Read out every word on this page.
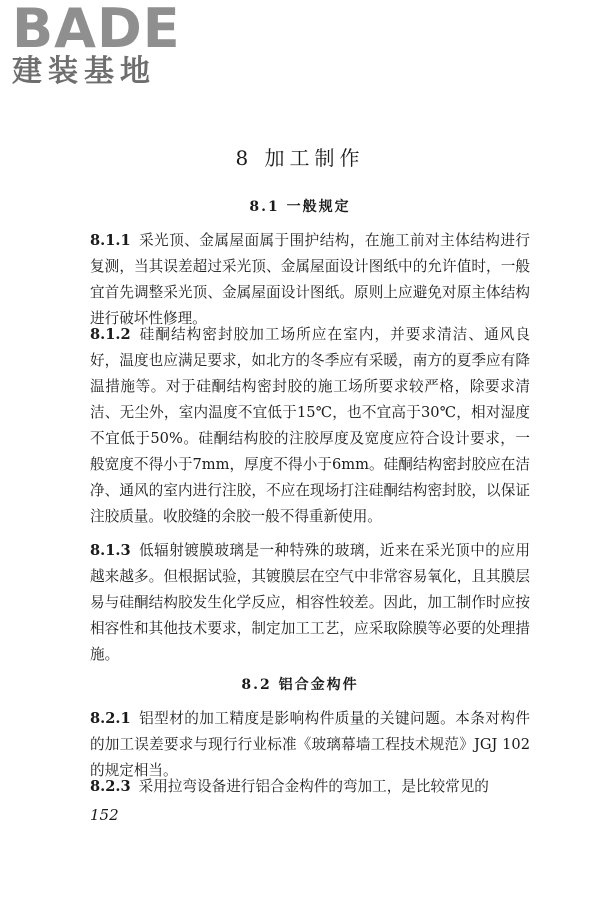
BADE
建装基地
8 加工制作
8.1 一般规定

8.1.1 采光顶、金属屋面属于围护结构，在施工前对主体结构进行复测，当其误差超过采光顶、金属屋面设计图纸中的允许值时，一般宜首先调整采光顶、金属屋面设计图纸。原则上应避免对原主体结构进行破坏性修理。

8.1.2 硅酮结构密封胶加工场所应在室内，并要求清洁、通风良好，温度也应满足要求，如北方的冬季应有采暖，南方的夏季应有降温措施等。对于硅酮结构密封胶的施工场所要求较严格，除要求清洁、无尘外，室内温度不宜低于15℃，也不宜高于30℃，相对湿度不宜低于50%。硅酮结构胶的注胶厚度及宽度应符合设计要求，一般宽度不得小于7mm，厚度不得小于6mm。硅酮结构密封胶应在洁净、通风的室内进行注胶，不应在现场打注硅酮结构密封胶，以保证注胶质量。收胶缝的余胶一般不得重新使用。

8.1.3 低辐射镀膜玻璃是一种特殊的玻璃，近来在采光顶中的应用越来越多。但根据试验，其镀膜层在空气中非常容易氧化，且其膜层易与硅酮结构胶发生化学反应，相容性较差。因此，加工制作时应按相容性和其他技术要求，制定加工工艺，应采取除膜等必要的处理措施。

8.2 铝合金构件

8.2.1 铝型材的加工精度是影响构件质量的关键问题。本条对构件的加工误差要求与现行行业标准《玻璃幕墙工程技术规范》JGJ 102的规定相当。

8.2.3 采用拉弯设备进行铝合金构件的弯加工，是比较常见的

152
